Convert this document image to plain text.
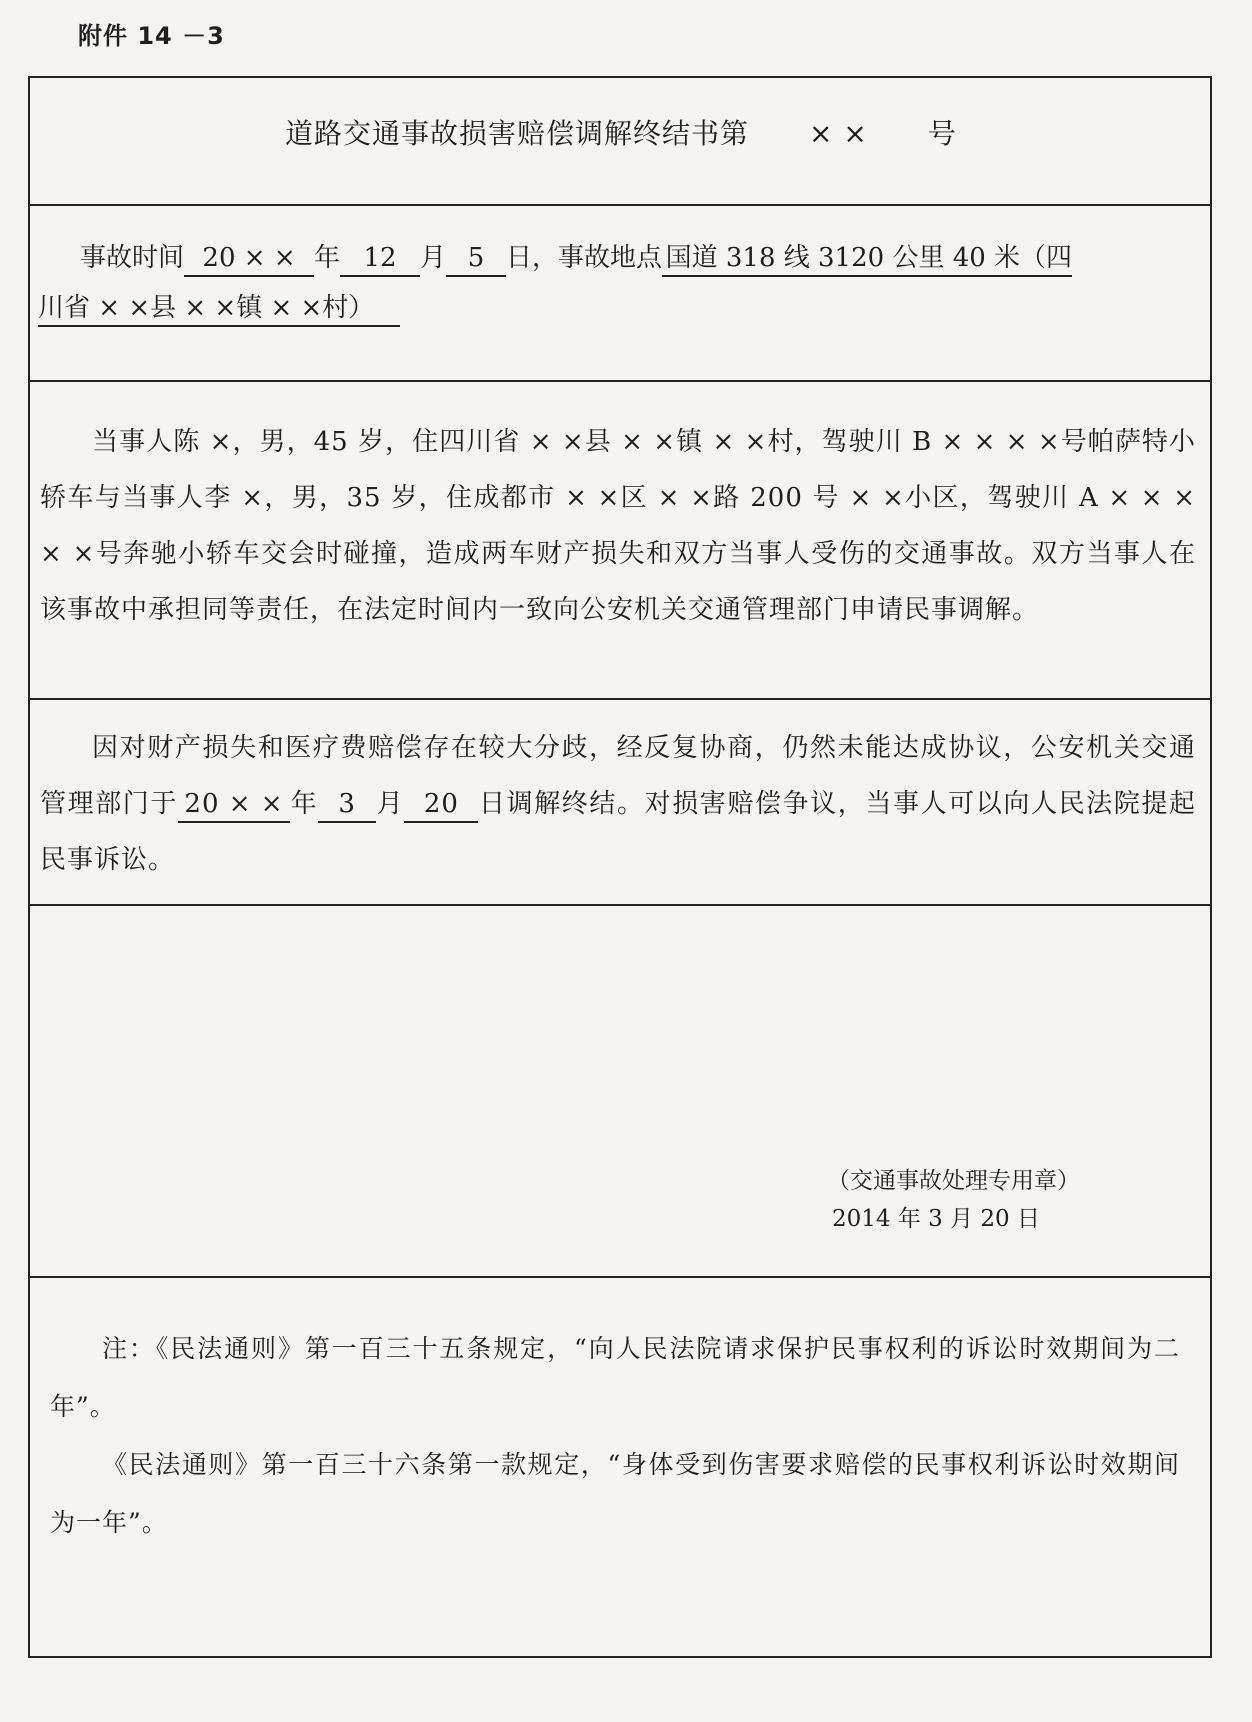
附件 14 －3
道路交通事故损害赔偿调解终结书第 × × 号
事故时间 20 × × 年 12 月 5 日，事故地点 国道 318 线 3120 公里 40 米（四
川省 × ×县 × ×镇 × ×村）
当事人陈 ×，男，45 岁，住四川省 × ×县 × ×镇 × ×村，驾驶川 B × × × ×号帕萨特小轿车与当事人李 ×，男，35 岁，住成都市 × ×区 × ×路 200 号 × ×小区，驾驶川 A × × × × ×号奔驰小轿车交会时碰撞，造成两车财产损失和双方当事人受伤的交通事故。双方当事人在该事故中承担同等责任，在法定时间内一致向公安机关交通管理部门申请民事调解。
因对财产损失和医疗费赔偿存在较大分歧，经反复协商，仍然未能达成协议，公安机关交通管理部门于 20 × × 年 3 月 20 日调解终结。对损害赔偿争议，当事人可以向人民法院提起民事诉讼。
（交通事故处理专用章）
2014 年 3 月 20 日
注：《民法通则》第一百三十五条规定，“向人民法院请求保护民事权利的诉讼时效期间为二年”。
《民法通则》第一百三十六条第一款规定，“身体受到伤害要求赔偿的民事权利诉讼时效期间为一年”。
